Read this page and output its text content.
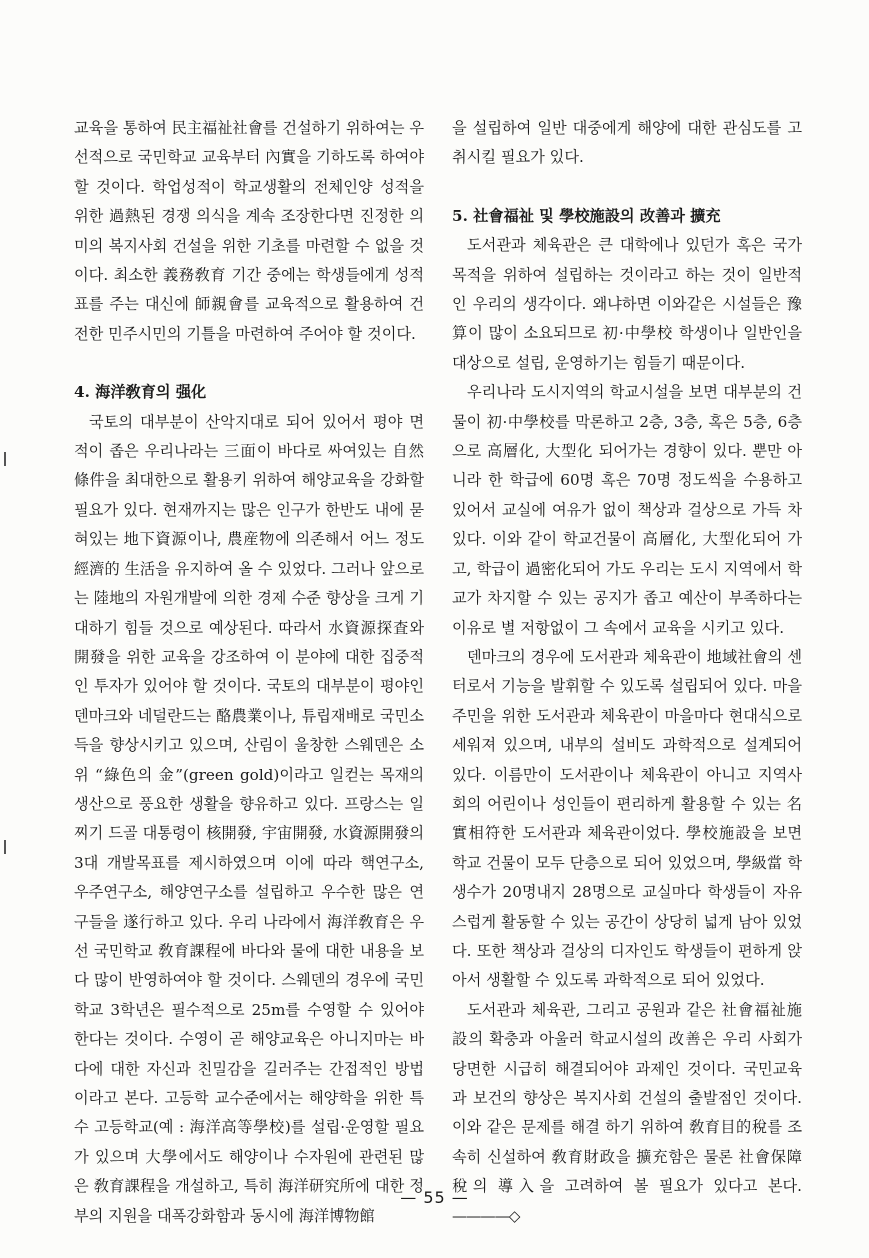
교육을 통하여 民主福祉社會를 건설하기 위하여는 우선적으로 국민학교 교육부터 內實을 기하도록 하여야 할 것이다. 학업성적이 학교생활의 전체인양 성적을 위한 過熱된 경쟁 의식을 계속 조장한다면 진정한 의미의 복지사회 건설을 위한 기초를 마련할 수 없을 것이다. 최소한 義務敎育 기간 중에는 학생들에게 성적표를 주는 대신에 師親會를 교육적으로 활용하여 건전한 민주시민의 기틀을 마련하여 주어야 할 것이다.

4. 海洋敎育의 强化

국토의 대부분이 산악지대로 되어 있어서 평야 면적이 좁은 우리나라는 三面이 바다로 싸여있는 自然條件을 최대한으로 활용키 위하여 해양교육을 강화할 필요가 있다. 현재까지는 많은 인구가 한반도 내에 묻혀있는 地下資源이나, 農産物에 의존해서 어느 정도 經濟的 生活을 유지하여 올 수 있었다. 그러나 앞으로는 陸地의 자원개발에 의한 경제 수준 향상을 크게 기대하기 힘들 것으로 예상된다. 따라서 水資源探査와 開發을 위한 교육을 강조하여 이 분야에 대한 집중적인 투자가 있어야 할 것이다. 국토의 대부분이 평야인 덴마크와 네덜란드는 酪農業이나, 튜립재배로 국민소득을 향상시키고 있으며, 산림이 울창한 스웨덴은 소위 “綠色의 金”(green gold)이라고 일컫는 목재의 생산으로 풍요한 생활을 향유하고 있다. 프랑스는 일찌기 드골 대통령이 核開發, 宇宙開發, 水資源開發의 3대 개발목표를 제시하였으며 이에 따라 핵연구소, 우주연구소, 해양연구소를 설립하고 우수한 많은 연구들을 遂行하고 있다. 우리 나라에서 海洋敎育은 우선 국민학교 敎育課程에 바다와 물에 대한 내용을 보다 많이 반영하여야 할 것이다. 스웨덴의 경우에 국민학교 3학년은 필수적으로 25m를 수영할 수 있어야 한다는 것이다. 수영이 곧 해양교육은 아니지마는 바다에 대한 자신과 친밀감을 길러주는 간접적인 방법이라고 본다. 고등학 교수준에서는 해양학을 위한 특수 고등학교(예 : 海洋高等學校)를 설립·운영할 필요가 있으며 大學에서도 해양이나 수자원에 관련된 많은 敎育課程을 개설하고, 특히 海洋研究所에 대한 정부의 지원을 대폭강화함과 동시에 海洋博物館

을 설립하여 일반 대중에게 해양에 대한 관심도를 고취시킬 필요가 있다.

5. 社會福祉 및 學校施設의 改善과 擴充

도서관과 체육관은 큰 대학에나 있던가 혹은 국가 목적을 위하여 설립하는 것이라고 하는 것이 일반적인 우리의 생각이다. 왜냐하면 이와같은 시설들은 豫算이 많이 소요되므로 初·中學校 학생이나 일반인을 대상으로 설립, 운영하기는 힘들기 때문이다.

우리나라 도시지역의 학교시설을 보면 대부분의 건물이 初·中學校를 막론하고 2층, 3층, 혹은 5층, 6층으로 高層化, 大型化 되어가는 경향이 있다. 뿐만 아니라 한 학급에 60명 혹은 70명 정도씩을 수용하고 있어서 교실에 여유가 없이 책상과 걸상으로 가득 차 있다. 이와 같이 학교건물이 高層化, 大型化되어 가고, 학급이 過密化되어 가도 우리는 도시 지역에서 학교가 차지할 수 있는 공지가 좁고 예산이 부족하다는 이유로 별 저항없이 그 속에서 교육을 시키고 있다.

덴마크의 경우에 도서관과 체육관이 地域社會의 센터로서 기능을 발휘할 수 있도록 설립되어 있다. 마을 주민을 위한 도서관과 체육관이 마을마다 현대식으로 세워져 있으며, 내부의 설비도 과학적으로 설계되어 있다. 이름만이 도서관이나 체육관이 아니고 지역사회의 어린이나 성인들이 편리하게 활용할 수 있는 名實相符한 도서관과 체육관이었다. 學校施設을 보면 학교 건물이 모두 단층으로 되어 있었으며, 學級當 학생수가 20명내지 28명으로 교실마다 학생들이 자유스럽게 활동할 수 있는 공간이 상당히 넓게 남아 있었다. 또한 책상과 걸상의 디자인도 학생들이 편하게 앉아서 생활할 수 있도록 과학적으로 되어 있었다.

도서관과 체육관, 그리고 공원과 같은 社會福祉施設의 확충과 아울러 학교시설의 改善은 우리 사회가 당면한 시급히 해결되어야 과제인 것이다. 국민교육과 보건의 향상은 복지사회 건설의 출발점인 것이다. 이와 같은 문제를 해결 하기 위하여 敎育目的稅를 조속히 신설하여 敎育財政을 擴充함은 물론 社會保障稅의 導入을 고려하여 볼 필요가 있다고 본다. ————◇

— 55 —
